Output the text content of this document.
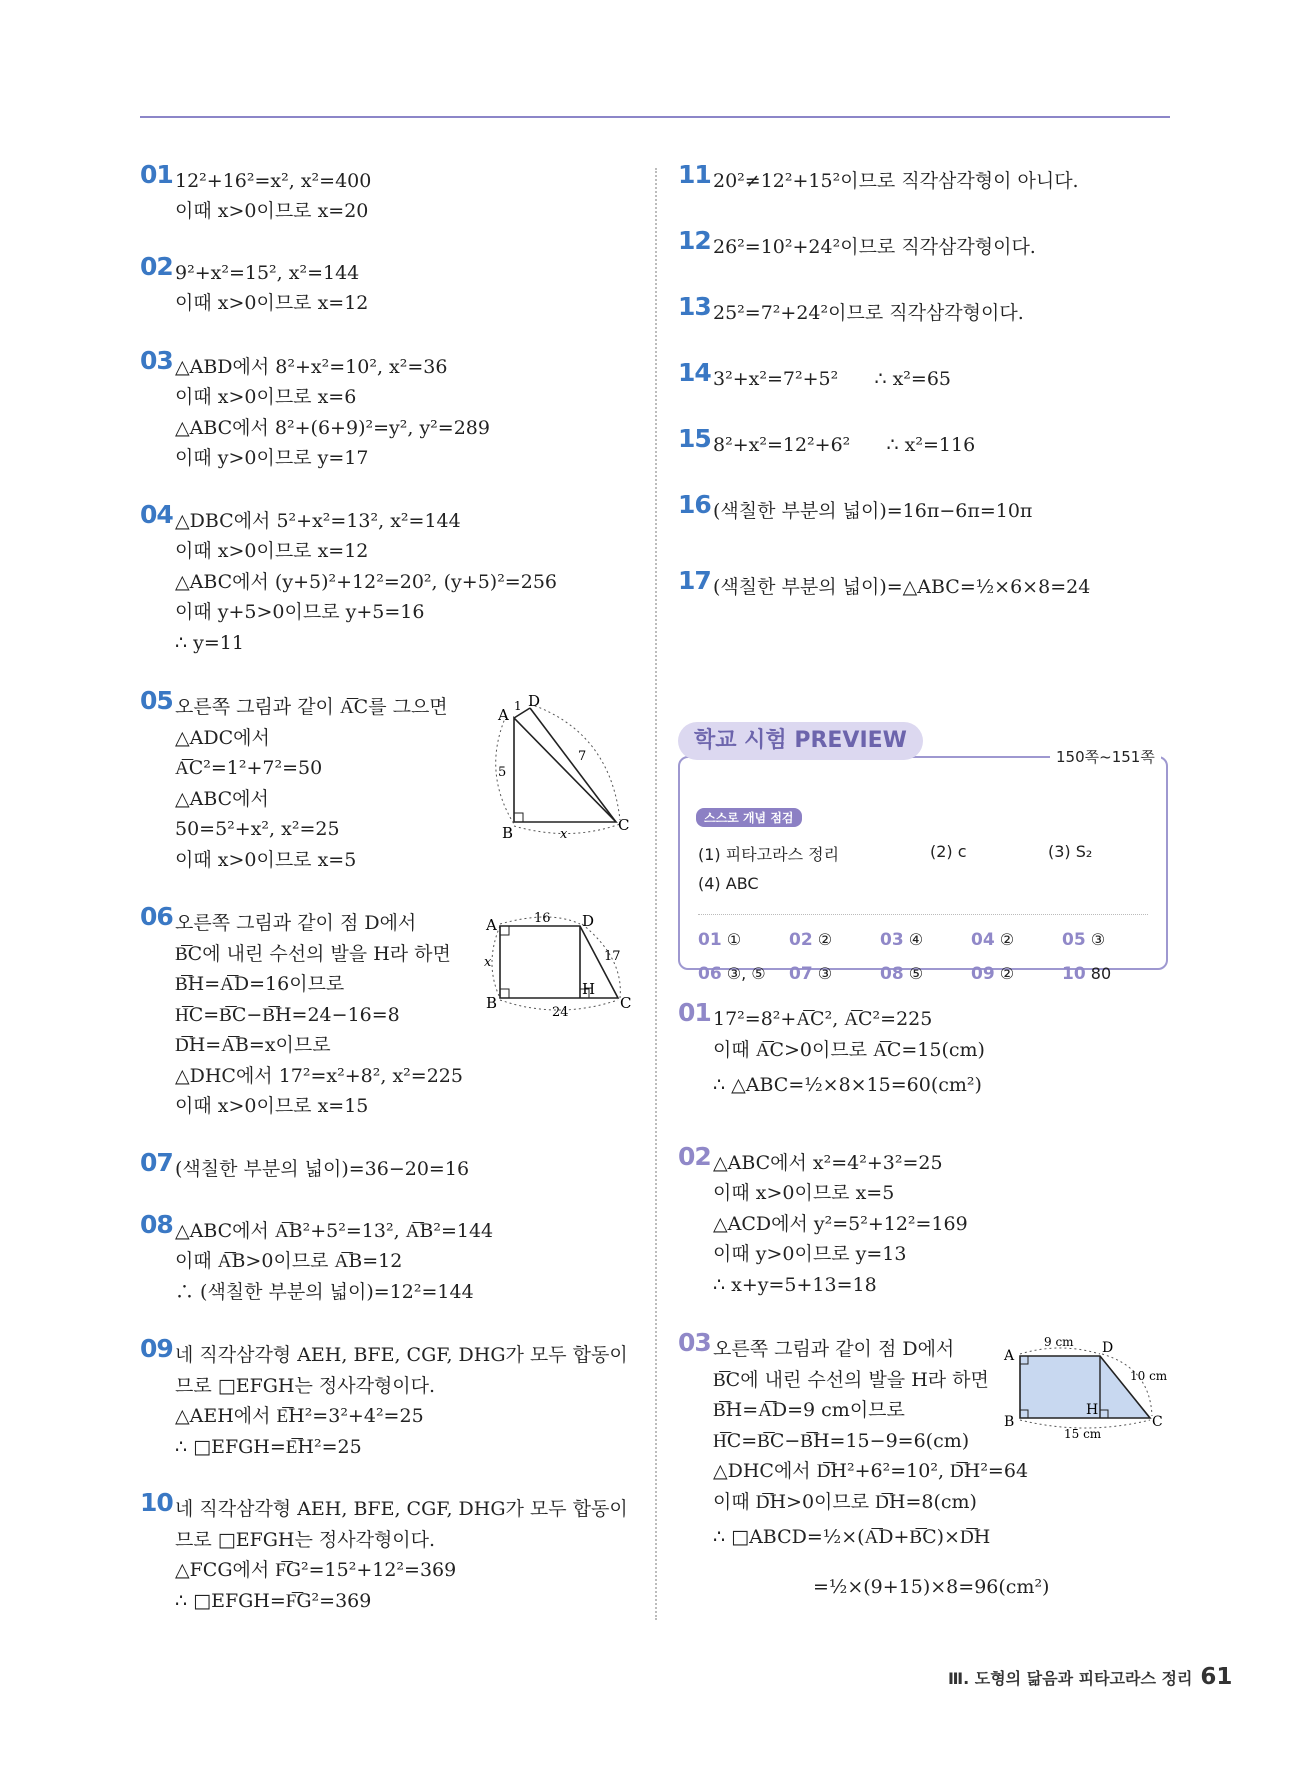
01 12²+16²=x², x²=400
이때 x>0이므로 x=20
02 9²+x²=15², x²=144
이때 x>0이므로 x=12
03 △ABD에서 8²+x²=10², x²=36
이때 x>0이므로 x=6
△ABC에서 8²+(6+9)²=y², y²=289
이때 y>0이므로 y=17
04 △DBC에서 5²+x²=13², x²=144
이때 x>0이므로 x=12
△ABC에서 (y+5)²+12²=20², (y+5)²=256
이때 y+5>0이므로 y+5=16
∴ y=11
05 오른쪽 그림과 같이 A͞C를 그으면
△ADC에서
A͞C²=1²+7²=50
△ABC에서
50=5²+x², x²=25
이때 x>0이므로 x=5
06 오른쪽 그림과 같이 점 D에서
B͞C에 내린 수선의 발을 H라 하면
B͞H=A͞D=16이므로
H͞C=B͞C−B͞H=24−16=8
D͞H=A͞B=x이므로
△DHC에서 17²=x²+8², x²=225
이때 x>0이므로 x=15
07 (색칠한 부분의 넓이)=36−20=16
08 △ABC에서 A͞B²+5²=13², A͞B²=144
이때 A͞B>0이므로 A͞B=12
∴ (색칠한 부분의 넓이)=12²=144
09 네 직각삼각형 AEH, BFE, CGF, DHG가 모두 합동이
므로 □EFGH는 정사각형이다.
△AEH에서 E͞H²=3²+4²=25
∴ □EFGH=E͞H²=25
10 네 직각삼각형 AEH, BFE, CGF, DHG가 모두 합동이
므로 □EFGH는 정사각형이다.
△FCG에서 F͞G²=15²+12²=369
∴ □EFGH=F͞G²=369
A
D
1
5
7
B	C
x
A	D
16
17
x
B
H
C
24
11 20²≠12²+15²이므로 직각삼각형이 아니다.
12 26²=10²+24²이므로 직각삼각형이다.
13 25²=7²+24²이므로 직각삼각형이다.
14 3²+x²=7²+5²      ∴ x²=65
15 8²+x²=12²+6²      ∴ x²=116
16 (색칠한 부분의 넓이)=16π−6π=10π
17 (색칠한 부분의 넓이)=△ABC=½×6×8=24
스스로 개념 점검
(1) 피타고라스 정리	(2) c	(3) S₂
(4) ABC
01 ①	02 ②	03 ④	04 ②	05 ③
06 ③, ⑤ 07 ③	08 ⑤	09 ②	10 80
학교 시험 PREVIEW
150쪽~151쪽
01 17²=8²+A͞C², A͞C²=225
이때 A͞C>0이므로 A͞C=15(cm)
∴ △ABC=½×8×15=60(cm²)
02 △ABC에서 x²=4²+3²=25
이때 x>0이므로 x=5
△ACD에서 y²=5²+12²=169
이때 y>0이므로 y=13
∴ x+y=5+13=18
03 오른쪽 그림과 같이 점 D에서
B͞C에 내린 수선의 발을 H라 하면
B͞H=A͞D=9 cm이므로
H͞C=B͞C−B͞H=15−9=6(cm)
△DHC에서 D͞H²+6²=10², D͞H²=64
이때 D͞H>0이므로 D͞H=8(cm)
∴ □ABCD=½×(A͞D+B͞C)×D͞H
=½×(9+15)×8=96(cm²)
A	D
9 cm
10 cm
B
H
C
15 cm
Ⅲ. 도형의 닮음과 피타고라스 정리 61
